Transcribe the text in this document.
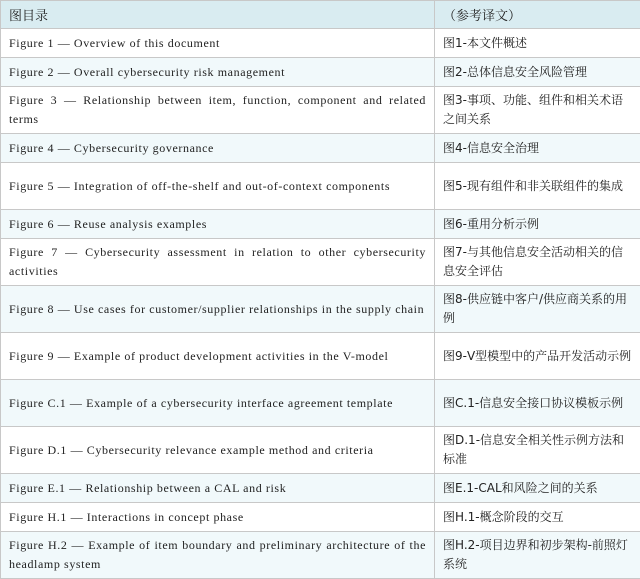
图目录	（参考译文）
Figure 1 — Overview of this document	图1-本文件概述
Figure 2 — Overall cybersecurity risk management	图2-总体信息安全风险管理
Figure 3 — Relationship between item, function, component and related terms	图3-事项、功能、组件和相关术语之间关系
Figure 4 — Cybersecurity governance	图4-信息安全治理
Figure 5 — Integration of off-the-shelf and out-of-context components	图5-现有组件和非关联组件的集成
Figure 6 — Reuse analysis examples	图6-重用分析示例
Figure 7 — Cybersecurity assessment in relation to other cybersecurity activities	图7-与其他信息安全活动相关的信息安全评估
Figure 8 — Use cases for customer/supplier relationships in the supply chain	图8-供应链中客户/供应商关系的用例
Figure 9 — Example of product development activities in the V-model	图9-V型模型中的产品开发活动示例
Figure C.1 — Example of a cybersecurity interface agreement template	图C.1-信息安全接口协议模板示例
Figure D.1 — Cybersecurity relevance example method and criteria	图D.1-信息安全相关性示例方法和标准
Figure E.1 — Relationship between a CAL and risk	图E.1-CAL和风险之间的关系
Figure H.1 — Interactions in concept phase	图H.1-概念阶段的交互
Figure H.2 — Example of item boundary and preliminary architecture of the headlamp system	图H.2-项目边界和初步架构-前照灯系统
